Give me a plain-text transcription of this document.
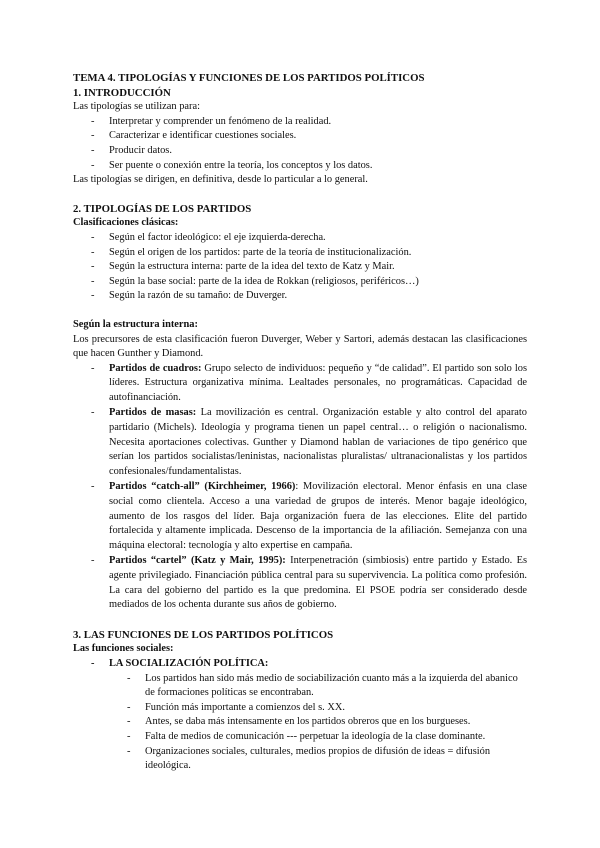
TEMA 4. TIPOLOGÍAS Y FUNCIONES DE LOS PARTIDOS POLÍTICOS
1. INTRODUCCIÓN

Las tipologías se utilizan para:

- Interpretar y comprender un fenómeno de la realidad.
- Caracterizar e identificar cuestiones sociales.
- Producir datos.
- Ser puente o conexión entre la teoría, los conceptos y los datos.

Las tipologías se dirigen, en definitiva, desde lo particular a lo general.

2. TIPOLOGÍAS DE LOS PARTIDOS
Clasificaciones clásicas:
- Según el factor ideológico: el eje izquierda-derecha.
- Según el origen de los partidos: parte de la teoría de institucionalización.
- Según la estructura interna: parte de la idea del texto de Katz y Mair.
- Según la base social: parte de la idea de Rokkan (religiosos, periféricos…)
- Según la razón de su tamaño: de Duverger.
Según la estructura interna:

Los precursores de esta clasificación fueron Duverger, Weber y Sartori, además destacan las clasificaciones que hacen Gunther y Diamond.

- Partidos de cuadros: Grupo selecto de individuos: pequeño y “de calidad”. El partido son solo los líderes. Estructura organizativa mínima. Lealtades personales, no programáticas. Capacidad de autofinanciación.
- Partidos de masas: La movilización es central. Organización estable y alto control del aparato partidario (Michels). Ideología y programa tienen un papel central… o religión o nacionalismo. Necesita aportaciones colectivas. Gunther y Diamond hablan de variaciones de tipo genérico que serían los partidos socialistas/leninistas, nacionalistas pluralistas/ ultranacionalistas y los partidos confesionales/fundamentalistas.
- Partidos “catch-all” (Kirchheimer, 1966): Movilización electoral. Menor énfasis en una clase social como clientela. Acceso a una variedad de grupos de interés. Menor bagaje ideológico, aumento de los rasgos del líder. Baja organización fuera de las elecciones. Elite del partido fortalecida y altamente implicada. Descenso de la importancia de la afiliación. Semejanza con una máquina electoral: tecnología y alto expertise en campaña.
- Partidos “cartel” (Katz y Mair, 1995): Interpenetración (simbiosis) entre partido y Estado. Es agente privilegiado. Financiación pública central para su supervivencia. La política como profesión. La cara del gobierno del partido es la que predomina. El PSOE podría ser considerado desde mediados de los ochenta durante sus años de gobierno.
3. LAS FUNCIONES DE LOS PARTIDOS POLÍTICOS
Las funciones sociales:
- LA SOCIALIZACIÓN POLÍTICA:
- Los partidos han sido más medio de sociabilización cuanto más a la izquierda del abanico de formaciones políticas se encontraban.
- Función más importante a comienzos del s. XX.
- Antes, se daba más intensamente en los partidos obreros que en los burgueses.
- Falta de medios de comunicación --- perpetuar la ideología de la clase dominante.
- Organizaciones sociales, culturales, medios propios de difusión de ideas = difusión ideológica.
